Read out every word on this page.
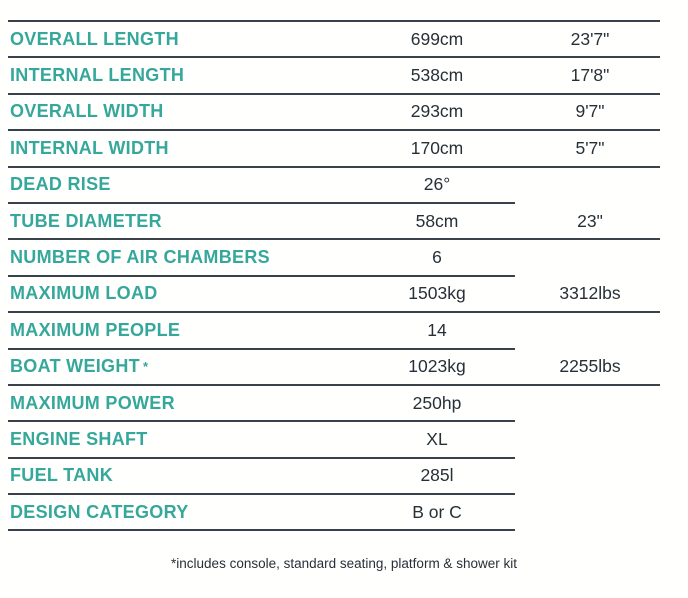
OVERALL LENGTH	699cm	23'7"
INTERNAL LENGTH	538cm	17'8"
OVERALL WIDTH	293cm	9'7"
INTERNAL WIDTH	170cm	5'7"
DEAD RISE	26°
TUBE DIAMETER	58cm	23"
NUMBER OF AIR CHAMBERS	6
MAXIMUM LOAD	1503kg	3312lbs
MAXIMUM PEOPLE	14
BOAT WEIGHT *	1023kg	2255lbs
MAXIMUM POWER	250hp
ENGINE SHAFT	XL
FUEL TANK	285l
DESIGN CATEGORY	B or C
*includes console, standard seating, platform & shower kit
